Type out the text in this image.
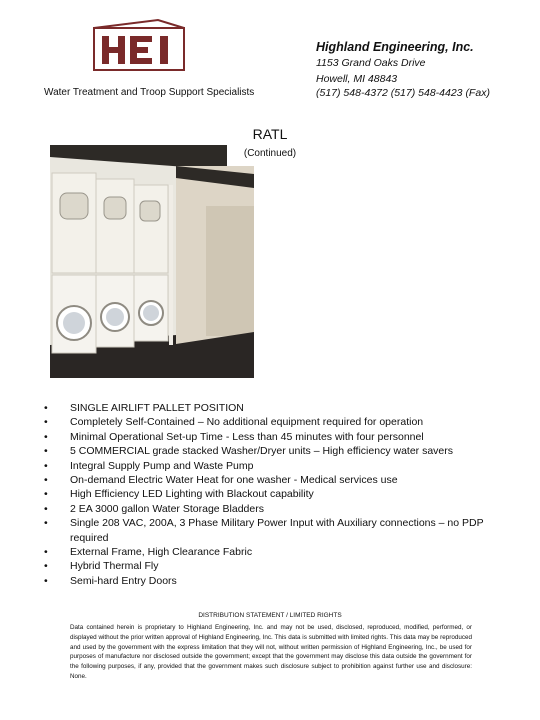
Water Treatment and Troop Support Specialists
Highland Engineering, Inc.
1153 Grand Oaks Drive
Howell, MI 48843
(517) 548-4372 (517) 548-4423 (Fax)
RATL
(Continued)
• SINGLE AIRLIFT PALLET POSITION
• Completely Self-Contained – No additional equipment required for operation
• Minimal Operational Set-up Time - Less than 45 minutes with four personnel
• 5 COMMERCIAL grade stacked Washer/Dryer units – High efficiency water savers
• Integral Supply Pump and Waste Pump
• On-demand Electric Water Heat for one washer - Medical services use
• High Efficiency LED Lighting with Blackout capability
• 2 EA 3000 gallon Water Storage Bladders
• Single 208 VAC, 200A, 3 Phase Military Power Input with Auxiliary connections – no PDP required
• External Frame, High Clearance Fabric
• Hybrid Thermal Fly
• Semi-hard Entry Doors
DISTRIBUTION STATEMENT / LIMITED RIGHTS
Data contained herein is proprietary to Highland Engineering, Inc. and may not be used, disclosed, reproduced, modified, performed, or displayed without the prior written approval of Highland Engineering, Inc. This data is submitted with limited rights. This data may be reproduced and used by the government with the express limitation that they will not, without written permission of Highland Engineering, Inc., be used for purposes of manufacture nor disclosed outside the government; except that the government may disclose this data outside the government for the following purposes, if any, provided that the government makes such disclosure subject to prohibition against further use and disclosure: None.
